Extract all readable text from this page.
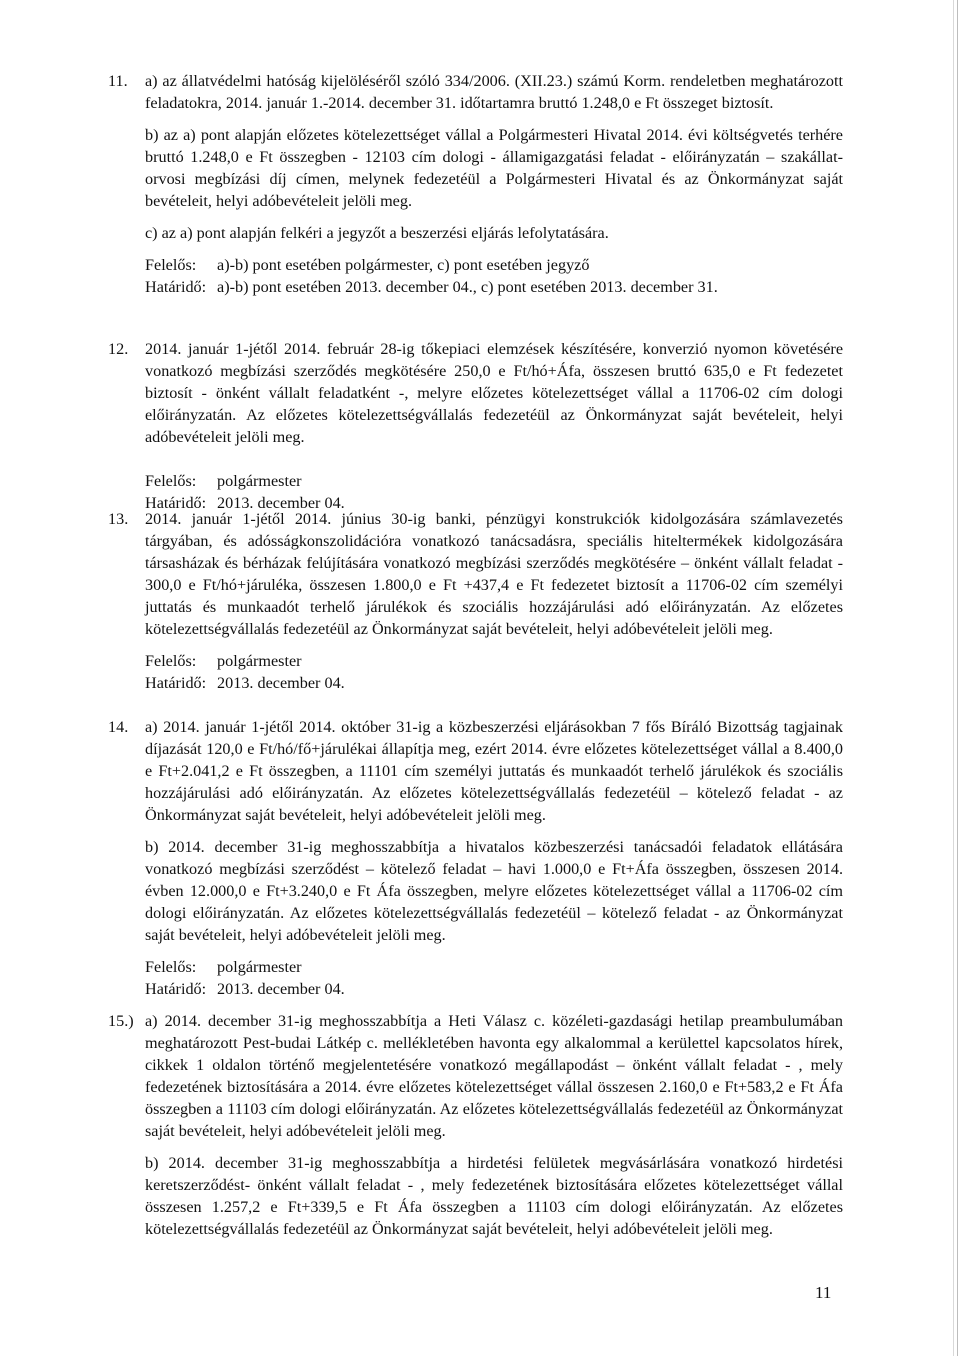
11.	a) az állatvédelmi hatóság kijelöléséről szóló 334/2006. (XII.23.) számú Korm. rendeletben meghatározott feladatokra, 2014. január 1.-2014. december 31. időtartamra bruttó 1.248,0 e Ft összeget biztosít.

b) az a) pont alapján előzetes kötelezettséget vállal a Polgármesteri Hivatal 2014. évi költségvetés terhére bruttó 1.248,0 e Ft összegben - 12103 cím dologi - államigazgatási feladat - előirányzatán – szakállat-orvosi megbízási díj címen, melynek fedezetéül a Polgármesteri Hivatal és az Önkormányzat saját bevételeit, helyi adóbevételeit jelöli meg.

c) az a) pont alapján felkéri a jegyzőt a beszerzési eljárás lefolytatására.

Felelős: a)-b) pont esetében polgármester, c) pont esetében jegyző
Határidő: a)-b) pont esetében 2013. december 04., c) pont esetében 2013. december 31.
12.	2014. január 1-jétől 2014. február 28-ig tőkepiaci elemzések készítésére, konverzió nyomon követésére vonatkozó megbízási szerződés megkötésére 250,0 e Ft/hó+Áfa, összesen bruttó 635,0 e Ft fedezetet biztosít - önként vállalt feladatként -, melyre előzetes kötelezettséget vállal a 11706-02 cím dologi előirányzatán. Az előzetes kötelezettségvállalás fedezetéül az Önkormányzat saját bevételeit, helyi adóbevételeit jelöli meg.

Felelős: polgármester
Határidő: 2013. december 04.
13.	2014. január 1-jétől 2014. június 30-ig banki, pénzügyi konstrukciók kidolgozására számlavezetés tárgyában, és adósságkonszolidációra vonatkozó tanácsadásra, speciális hiteltermékek kidolgozására társasházak és bérházak felújítására vonatkozó megbízási szerződés megkötésére – önként vállalt feladat - 300,0 e Ft/hó+járuléka, összesen 1.800,0 e Ft +437,4 e Ft fedezetet biztosít a 11706-02 cím személyi juttatás és munkaadót terhelő járulékok és szociális hozzájárulási adó előirányzatán. Az előzetes kötelezettségvállalás fedezetéül az Önkormányzat saját bevételeit, helyi adóbevételeit jelöli meg.

Felelős: polgármester
Határidő: 2013. december 04.
14.	a) 2014. január 1-jétől 2014. október 31-ig a közbeszerzési eljárásokban 7 fős Bíráló Bizottság tagjainak díjazását 120,0 e Ft/hó/fő+járulékai állapítja meg, ezért 2014. évre előzetes kötelezettséget vállal a 8.400,0 e Ft+2.041,2 e Ft összegben, a 11101 cím személyi juttatás és munkaadót terhelő járulékok és szociális hozzájárulási adó előirányzatán. Az előzetes kötelezettségvállalás fedezetéül – kötelező feladat - az Önkormányzat saját bevételeit, helyi adóbevételeit jelöli meg.

b) 2014. december 31-ig meghosszabbítja a hivatalos közbeszerzési tanácsadói feladatok ellátására vonatkozó megbízási szerződést – kötelező feladat – havi 1.000,0 e Ft+Áfa összegben, összesen 2014. évben 12.000,0 e Ft+3.240,0 e Ft Áfa összegben, melyre előzetes kötelezettséget vállal a 11706-02 cím dologi előirányzatán. Az előzetes kötelezettségvállalás fedezetéül – kötelező feladat - az Önkormányzat saját bevételeit, helyi adóbevételeit jelöli meg.

Felelős: polgármester
Határidő: 2013. december 04.
15.) a) 2014. december 31-ig meghosszabbítja a Heti Válasz c. közéleti-gazdasági hetilap preambulumában meghatározott Pest-budai Látkép c. mellékletében havonta egy alkalommal a kerülettel kapcsolatos hírek, cikkek 1 oldalon történő megjelentetésére vonatkozó megállapodást – önként vállalt feladat - , mely fedezetének biztosítására a 2014. évre előzetes kötelezettséget vállal összesen 2.160,0 e Ft+583,2 e Ft Áfa összegben a 11103 cím dologi előirányzatán. Az előzetes kötelezettségvállalás fedezetéül az Önkormányzat saját bevételeit, helyi adóbevételeit jelöli meg.

b) 2014. december 31-ig meghosszabbítja a hirdetési felületek megvásárlására vonatkozó hirdetési keretszerződést- önként vállalt feladat - , mely fedezetének biztosítására előzetes kötelezettséget vállal összesen 1.257,2 e Ft+339,5 e Ft Áfa összegben a 11103 cím dologi előirányzatán. Az előzetes kötelezettségvállalás fedezetéül az Önkormányzat saját bevételeit, helyi adóbevételeit jelöli meg.

11
